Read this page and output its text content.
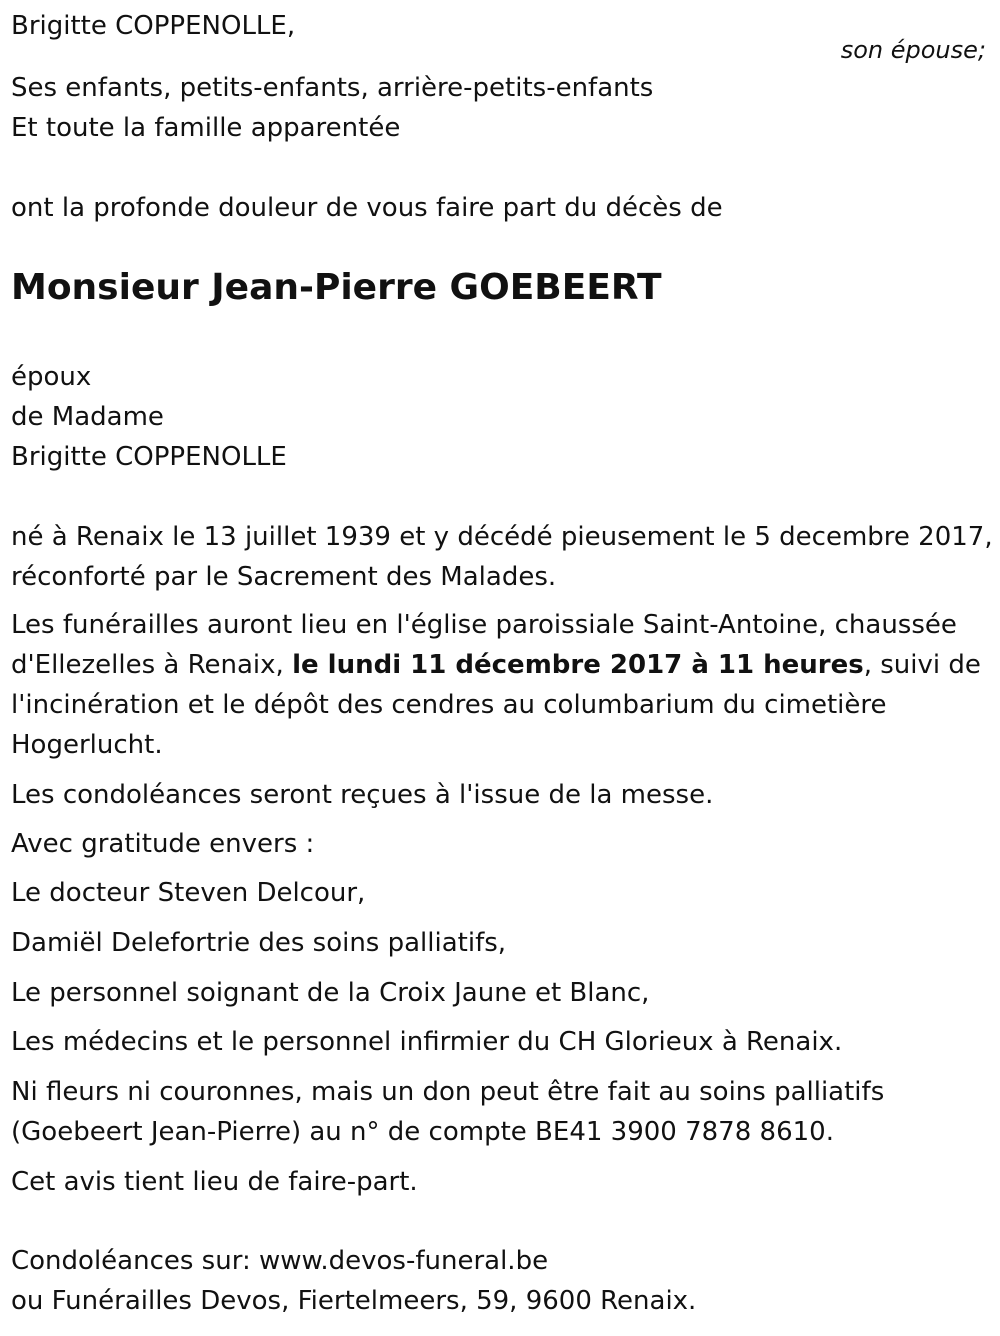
Brigitte COPPENOLLE,
son épouse;
Ses enfants, petits-enfants, arrière-petits-enfants
Et toute la famille apparentée
ont la profonde douleur de vous faire part du décès de
Monsieur Jean-Pierre GOEBEERT
époux
de Madame
Brigitte COPPENOLLE
né à Renaix le 13 juillet 1939 et y décédé pieusement le 5 decembre 2017,
réconforté par le Sacrement des Malades.
Les funérailles auront lieu en l'église paroissiale Saint-Antoine, chaussée
d'Ellezelles à Renaix, le lundi 11 décembre 2017 à 11 heures, suivi de
l'incinération et le dépôt des cendres au columbarium du cimetière
Hogerlucht.
Les condoléances seront reçues à l'issue de la messe.
Avec gratitude envers :
Le docteur Steven Delcour,
Damiël Delefortrie des soins palliatifs,
Le personnel soignant de la Croix Jaune et Blanc,
Les médecins et le personnel infirmier du CH Glorieux à Renaix.
Ni fleurs ni couronnes, mais un don peut être fait au soins palliatifs
(Goebeert Jean-Pierre) au n° de compte BE41 3900 7878 8610.
Cet avis tient lieu de faire-part.
Condoléances sur: www.devos-funeral.be
ou Funérailles Devos, Fiertelmeers, 59, 9600 Renaix.
